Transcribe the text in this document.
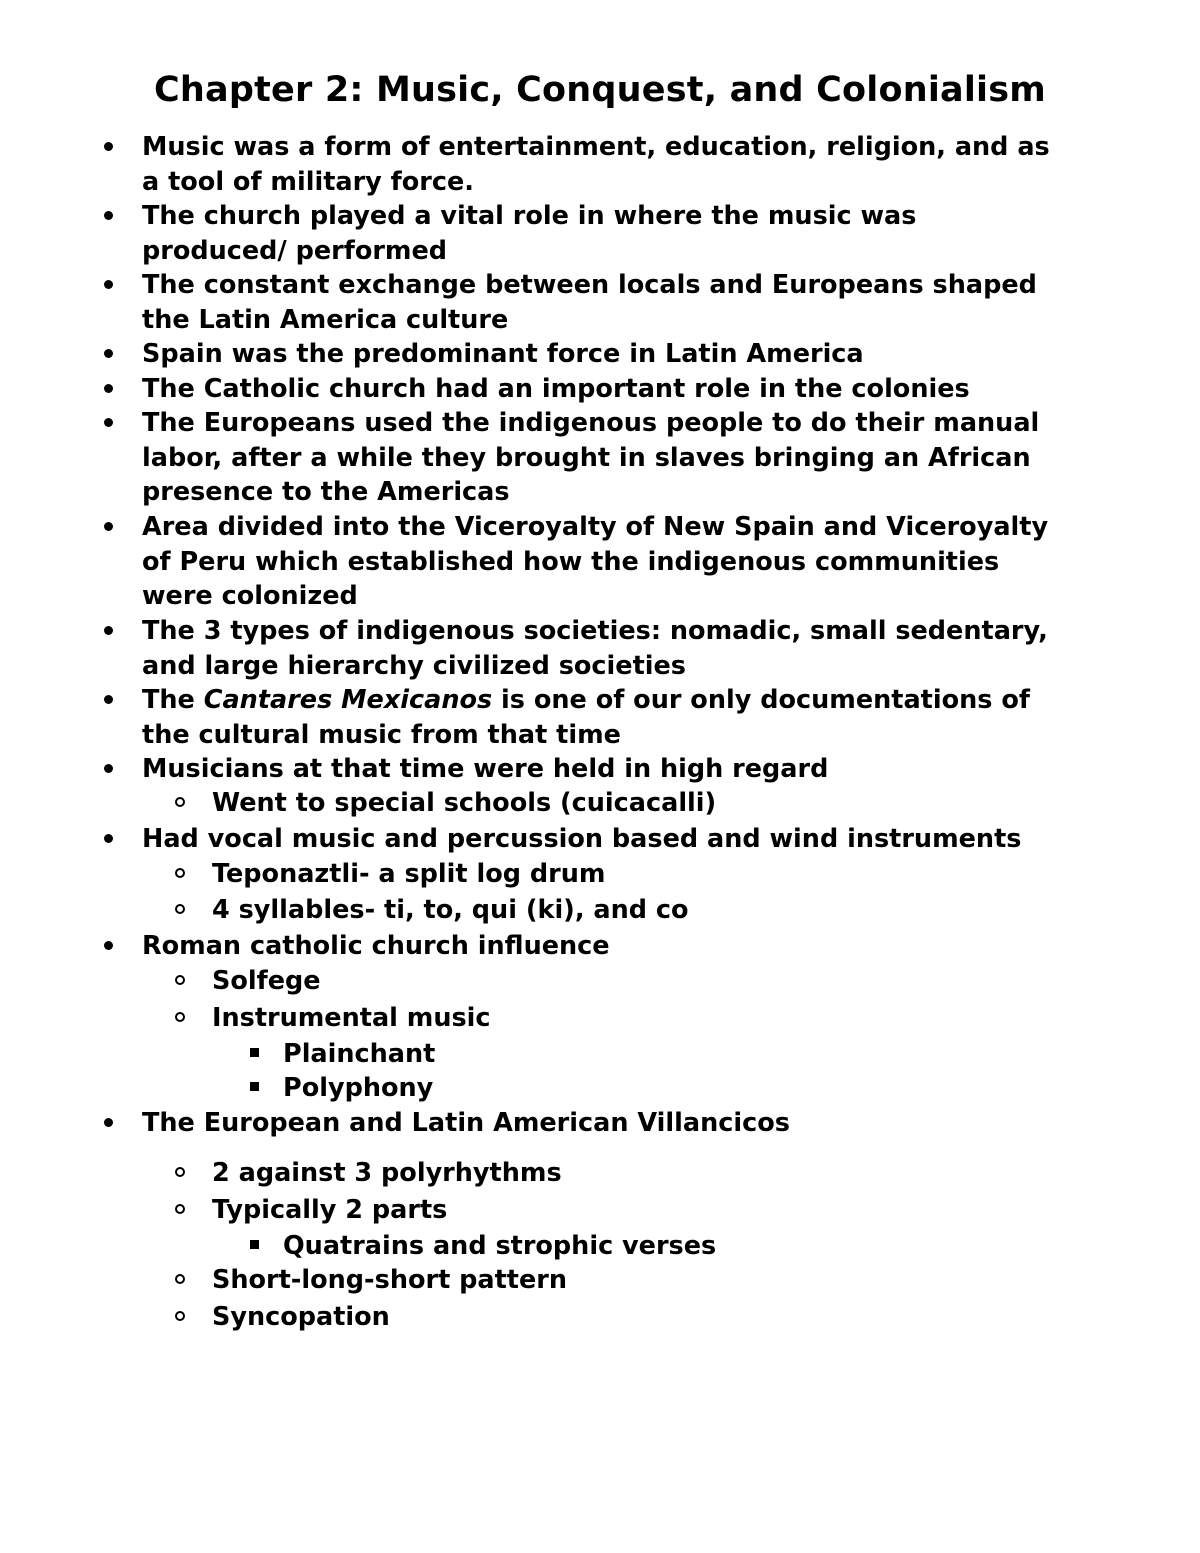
Chapter 2: Music, Conquest, and Colonialism
Music was a form of entertainment, education, religion, and as
a tool of military force.
The church played a vital role in where the music was
produced/ performed
The constant exchange between locals and Europeans shaped
the Latin America culture
Spain was the predominant force in Latin America
The Catholic church had an important role in the colonies
The Europeans used the indigenous people to do their manual
labor, after a while they brought in slaves bringing an African
presence to the Americas
Area divided into the Viceroyalty of New Spain and Viceroyalty
of Peru which established how the indigenous communities
were colonized
The 3 types of indigenous societies: nomadic, small sedentary,
and large hierarchy civilized societies
The Cantares Mexicanos is one of our only documentations of
the cultural music from that time
Musicians at that time were held in high regard
Went to special schools (cuicacalli)
Had vocal music and percussion based and wind instruments
Teponaztli- a split log drum
4 syllables- ti, to, qui (ki), and co
Roman catholic church influence
Solfege
Instrumental music
Plainchant
Polyphony
The European and Latin American Villancicos
2 against 3 polyrhythms
Typically 2 parts
Quatrains and strophic verses
Short-long-short pattern
Syncopation
